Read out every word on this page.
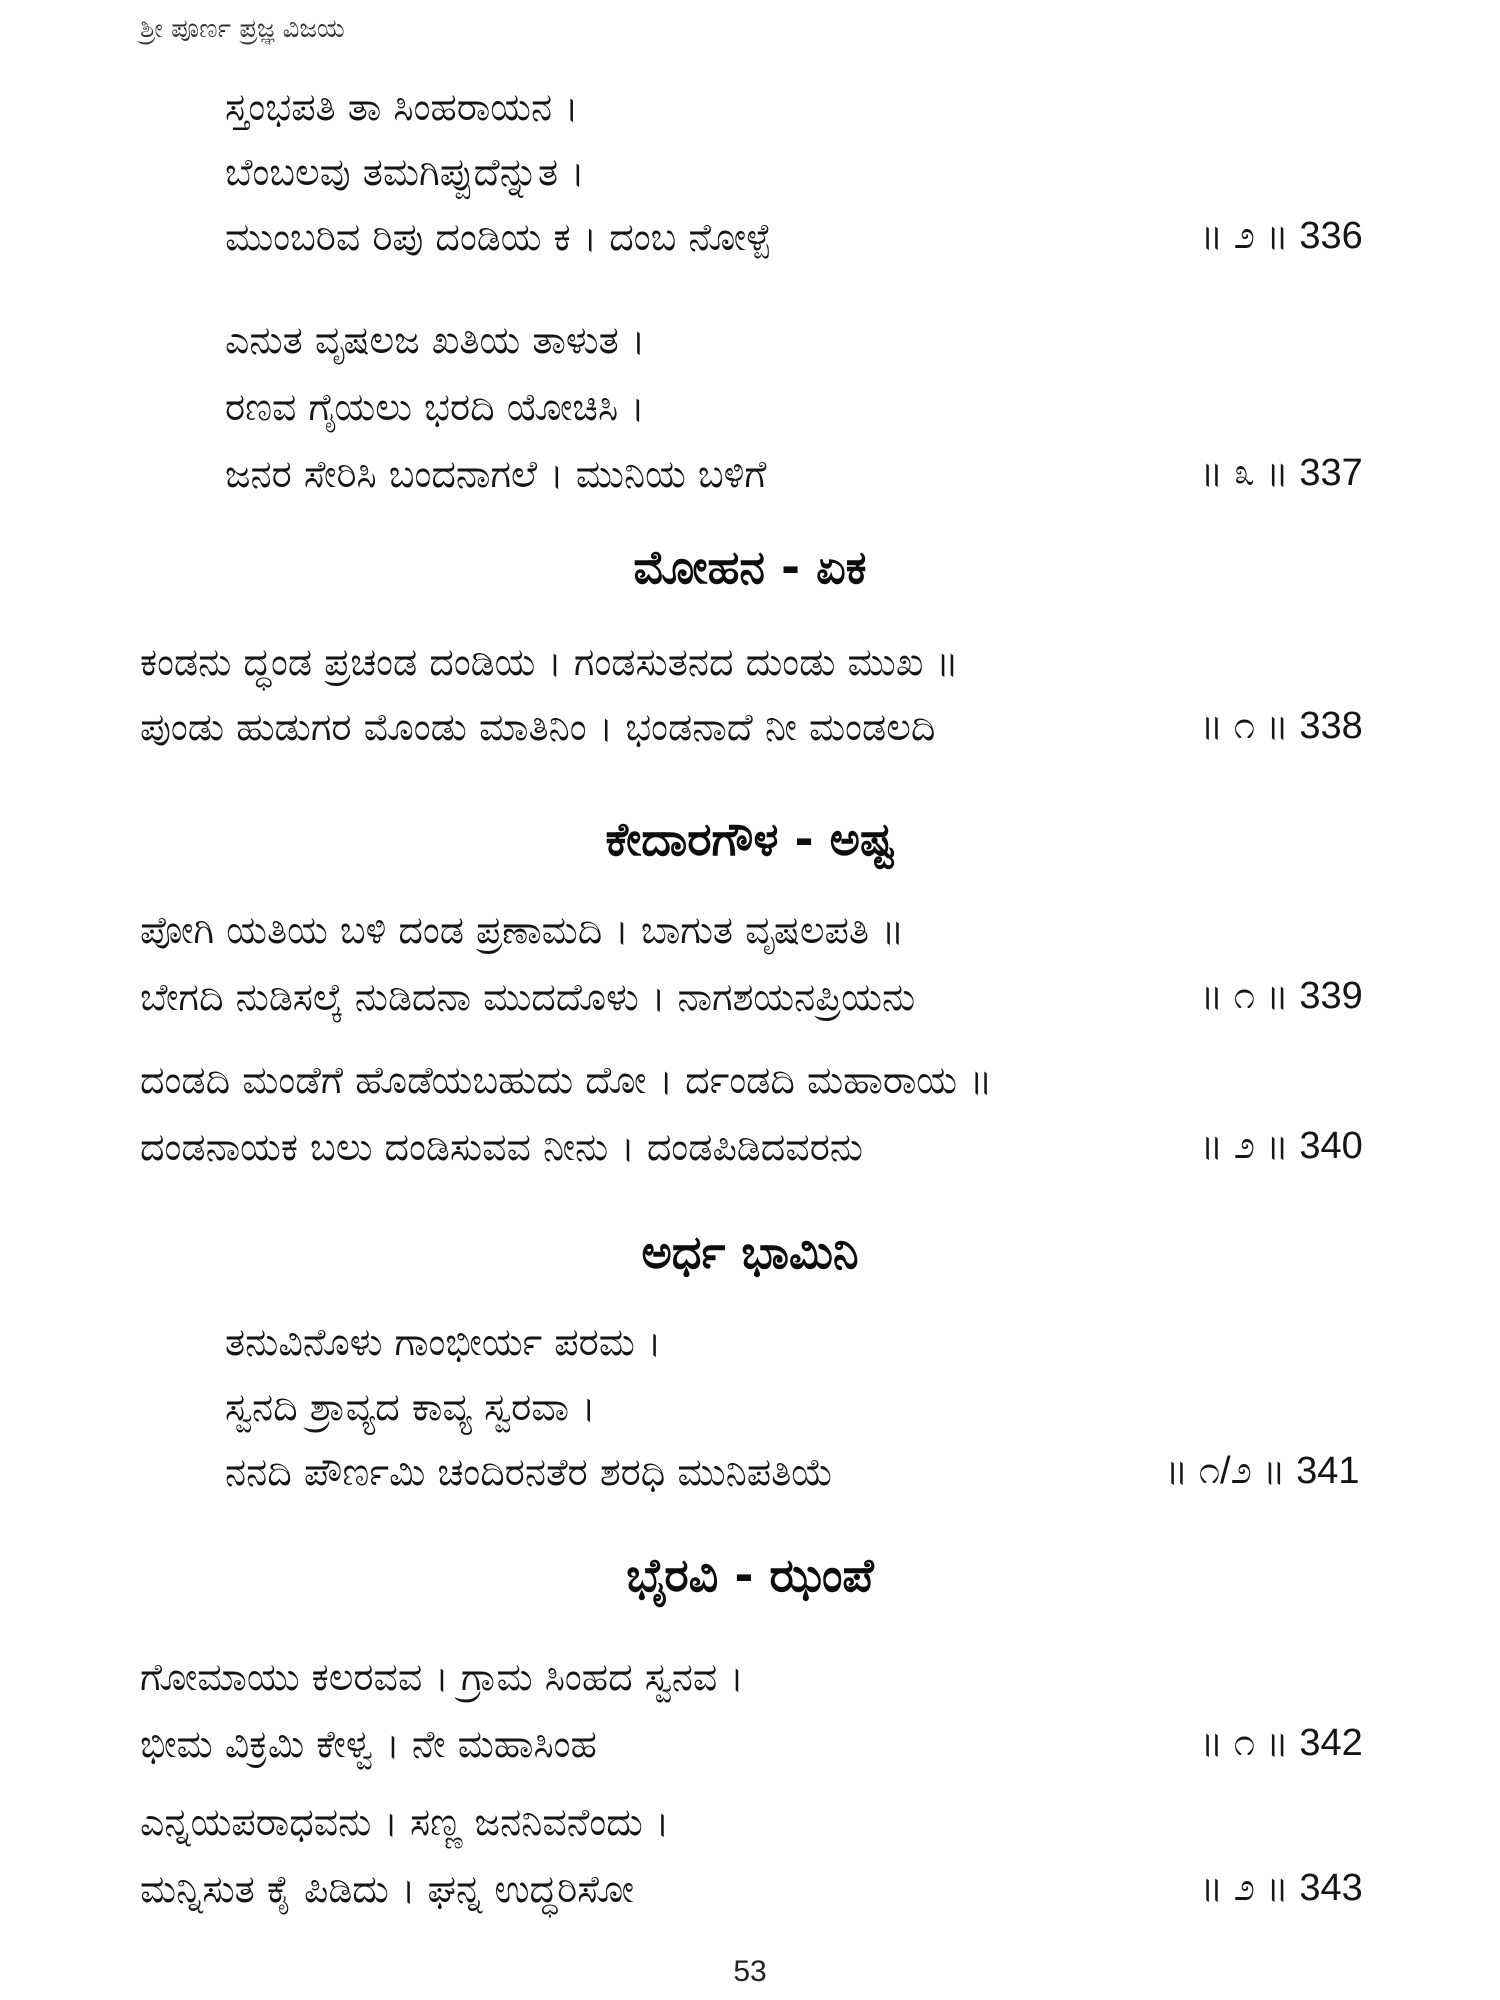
ಶ್ರೀ ಪೂರ್ಣ ಪ್ರಜ್ಞ ವಿಜಯ
ಸ್ತಂಭಪತಿ ತಾ ಸಿಂಹರಾಯನ ।
ಬೆಂಬಲವು ತಮಗಿಪ್ಪುದೆನ್ನುತ ।
ಮುಂಬರಿವ ರಿಪು ದಂಡಿಯ ಕ । ದಂಬ ನೋಳ್ಪೆ	॥ ೨ ॥ 336
ಎನುತ ವೃಷಲಜ ಖತಿಯ ತಾಳುತ ।
ರಣವ ಗೈಯಲು ಭರದಿ ಯೋಚಿಸಿ ।
ಜನರ ಸೇರಿಸಿ ಬಂದನಾಗಲೆ । ಮುನಿಯ ಬಳಿಗೆ	॥ ೩ ॥ 337
ಮೋಹನ - ಏಕ
ಕಂಡನು ದ್ಧಂಡ ಪ್ರಚಂಡ ದಂಡಿಯ । ಗಂಡಸುತನದ ದುಂಡು ಮುಖ ॥
ಪುಂಡು ಹುಡುಗರ ಮೊಂಡು ಮಾತಿನಿಂ । ಭಂಡನಾದೆ ನೀ ಮಂಡಲದಿ	॥ ೧ ॥ 338
ಕೇದಾರಗೌಳ - ಅಷ್ಟ
ಪೋಗಿ ಯತಿಯ ಬಳಿ ದಂಡ ಪ್ರಣಾಮದಿ । ಬಾಗುತ ವೃಷಲಪತಿ ॥
ಬೇಗದಿ ನುಡಿಸಲ್ಕೆ ನುಡಿದನಾ ಮುದದೊಳು । ನಾಗಶಯನಪ್ರಿಯನು	॥ ೧ ॥ 339
ದಂಡದಿ ಮಂಡೆಗೆ ಹೊಡೆಯಬಹುದು ದೋ । ರ್ದಂಡದಿ ಮಹಾರಾಯ ॥
ದಂಡನಾಯಕ ಬಲು ದಂಡಿಸುವವ ನೀನು । ದಂಡಪಿಡಿದವರನು	॥ ೨ ॥ 340
ಅರ್ಧ ಭಾಮಿನಿ
ತನುವಿನೊಳು ಗಾಂಭೀರ್ಯ ಪರಮ ।
ಸ್ವನದಿ ಶ್ರಾವ್ಯದ ಕಾವ್ಯ ಸ್ವರವಾ ।
ನನದಿ ಪೌರ್ಣಮಿ ಚಂದಿರನತೆರ ಶರಧಿ ಮುನಿಪತಿಯೆ	॥ ೧/೨ ॥ 341
ಭೈರವಿ - ಝಂಪೆ
ಗೋಮಾಯು ಕಲರವವ । ಗ್ರಾಮ ಸಿಂಹದ ಸ್ವನವ ।
ಭೀಮ ವಿಕ್ರಮಿ ಕೇಳ್ವ । ನೇ ಮಹಾಸಿಂಹ	॥ ೧ ॥ 342
ಎನ್ನಯಪರಾಧವನು । ಸಣ್ಣ ಜನನಿವನೆಂದು ।
ಮನ್ನಿಸುತ ಕೈ ಪಿಡಿದು । ಘನ್ನ ಉದ್ಧರಿಸೋ	॥ ೨ ॥ 343
53
